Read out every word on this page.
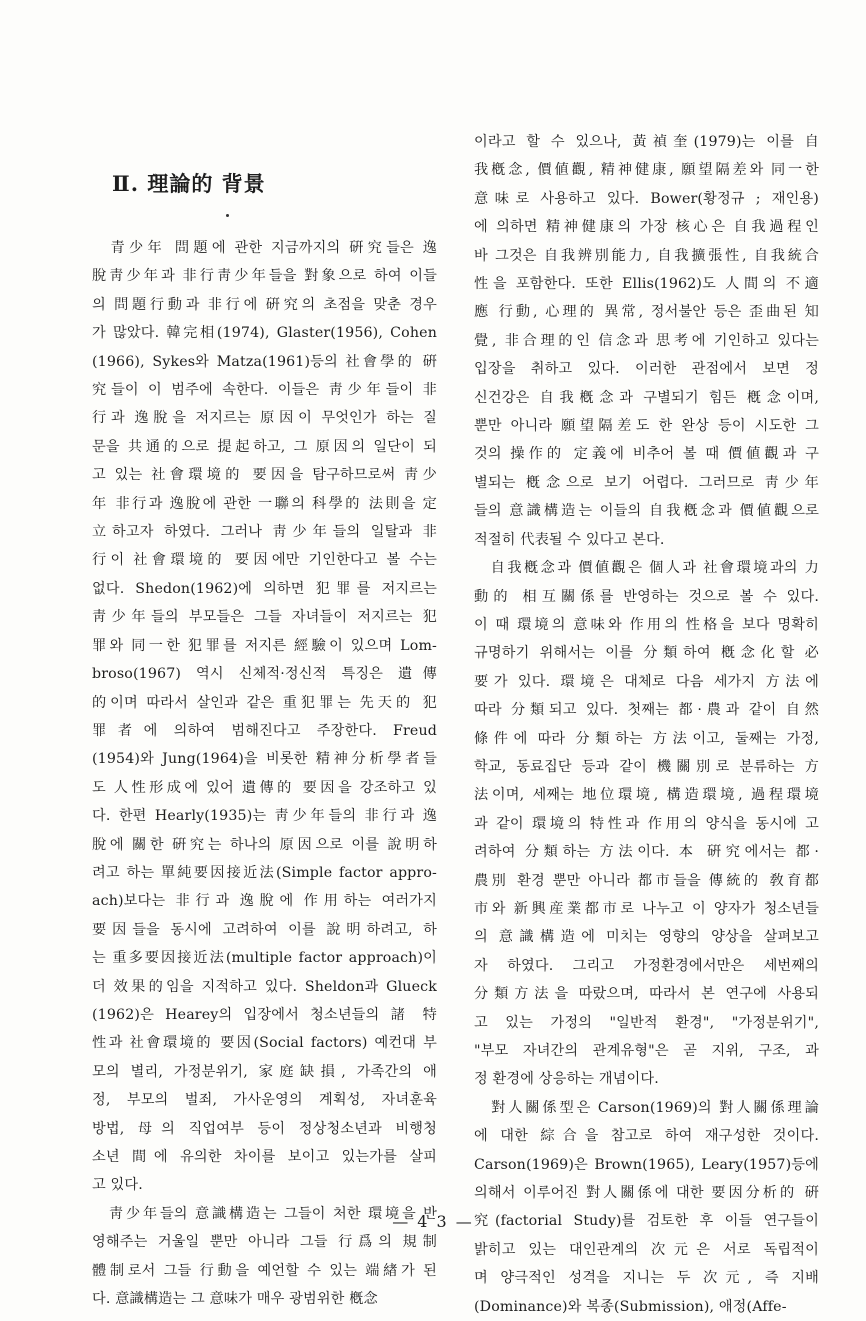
Ⅱ. 理論的 背景
　青少年 問題에 관한 지금까지의 硏究들은 逸
脫靑少年과 非行靑少年들을 對象으로 하여 이들
의 問題行動과 非行에 硏究의 초점을 맞춘 경우
가 많았다. 韓完相(1974), Glaster(1956), Cohen
(1966), Sykes와 Matza(1961)등의 社會學的 硏
究들이 이 범주에 속한다. 이들은 靑少年들이 非
行과 逸脫을 저지르는 原因이 무엇인가 하는 질
문을 共通的으로 提起하고, 그 原因의 일단이 되
고 있는 社會環境的 要因을 탐구하므로써 靑少
年 非行과 逸脫에 관한 一聯의 科學的 法則을 定
立하고자 하였다. 그러나 靑少年들의 일탈과 非
行이 社會環境的 要因에만 기인한다고 볼 수는
없다. Shedon(1962)에 의하면 犯罪를 저지르는
靑少年들의 부모들은 그들 자녀들이 저지르는 犯
罪와 同一한 犯罪를 저지른 經驗이 있으며 Lom-
broso(1967) 역시 신체적·정신적 특징은 遺傳
的이며 따라서 살인과 같은 重犯罪는 先天的 犯
罪者에 의하여 범해진다고 주장한다. Freud
(1954)와 Jung(1964)을 비롯한 精神分析學者들
도 人性形成에 있어 遺傳的 要因을 강조하고 있
다. 한편 Hearly(1935)는 靑少年들의 非行과 逸
脫에 關한 硏究는 하나의 原因으로 이를 說明하
려고 하는 單純要因接近法(Simple factor appro-
ach)보다는 非行과 逸脫에 作用하는 여러가지
要因들을 동시에 고려하여 이를 說明하려고, 하
는 重多要因接近法(multiple factor approach)이
더 效果的임을 지적하고 있다. Sheldon과 Glueck
(1962)은 Hearey의 입장에서 청소년들의 諸 特
性과 社會環境的 要因(Social factors) 예컨대 부
모의 별리, 가정분위기, 家庭缺損, 가족간의 애
정, 부모의 벌죄, 가사운영의 계획성, 자녀훈육
방법, 母의 직업여부 등이 정상청소년과 비행청
소년 間에 유의한 차이를 보이고 있는가를 살피
고 있다.
　靑少年들의 意識構造는 그들이 처한 環境을 반
영해주는 거울일 뿐만 아니라 그들 行爲의 規制
體制로서 그들 行動을 예언할 수 있는 端緖가 된
다. 意識構造는 그 意味가 매우 광범위한 槪念
이라고 할 수 있으나, 黃禎奎(1979)는 이를 自
我槪念, 價値觀, 精神健康, 願望隔差와 同一한
意味로 사용하고 있다. Bower(황정규 ; 재인용)
에 의하면 精神健康의 가장 核心은 自我過程인
바 그것은 自我辨別能力, 自我擴張性, 自我統合
性을 포함한다. 또한 Ellis(1962)도 人間의 不適
應 行動, 心理的 異常, 정서불안 등은 歪曲된 知
覺, 非合理的인 信念과 思考에 기인하고 있다는
입장을 취하고 있다. 이러한 관점에서 보면 정
신건강은 自我槪念과 구별되기 힘든 槪念이며,
뿐만 아니라 願望隔差도 한 완상 등이 시도한 그
것의 操作的 定義에 비추어 볼 때 價値觀과 구
별되는 槪念으로 보기 어렵다. 그러므로 靑少年
들의 意識構造는 이들의 自我槪念과 價値觀으로
적절히 代表될 수 있다고 본다.
　自我槪念과 價値觀은 個人과 社會環境과의 力
動的 相互關係를 반영하는 것으로 볼 수 있다.
이 때 環境의 意味와 作用의 性格을 보다 명확히
규명하기 위해서는 이를 分類하여 槪念化할 必
要가 있다. 環境은 대체로 다음 세가지 方法에
따라 分類되고 있다. 첫째는 都·農과 같이 自然
條件에 따라 分類하는 方法이고, 둘째는 가정,
학교, 동료집단 등과 같이 機關別로 분류하는 方
法이며, 세째는 地位環境, 構造環境, 過程環境
과 같이 環境의 特性과 作用의 양식을 동시에 고
려하여 分類하는 方法이다. 本 硏究에서는 都·
農別 환경 뿐만 아니라 都市들을 傳統的 敎育都
市와 新興産業都市로 나누고 이 양자가 청소년들
의 意識構造에 미치는 영향의 양상을 살펴보고
자 하였다. 그리고 가정환경에서만은 세번째의
分類方法을 따랐으며, 따라서 본 연구에 사용되
고 있는 가정의 "일반적 환경", "가정분위기",
"부모 자녀간의 관계유형"은 곧 지위, 구조, 과
정 환경에 상응하는 개념이다.
　對人關係型은 Carson(1969)의 對人關係理論
에 대한 綜合을 참고로 하여 재구성한 것이다.
Carson(1969)은 Brown(1965), Leary(1957)등에
의해서 이루어진 對人關係에 대한 要因分析的 硏
究(factorial Study)를 검토한 후 이들 연구들이
밝히고 있는 대인관계의 次元은 서로 독립적이
며 양극적인 성격을 지니는 두 次元, 즉 지배
(Dominance)와 복종(Submission), 애정(Affe-
— 4 3 —
